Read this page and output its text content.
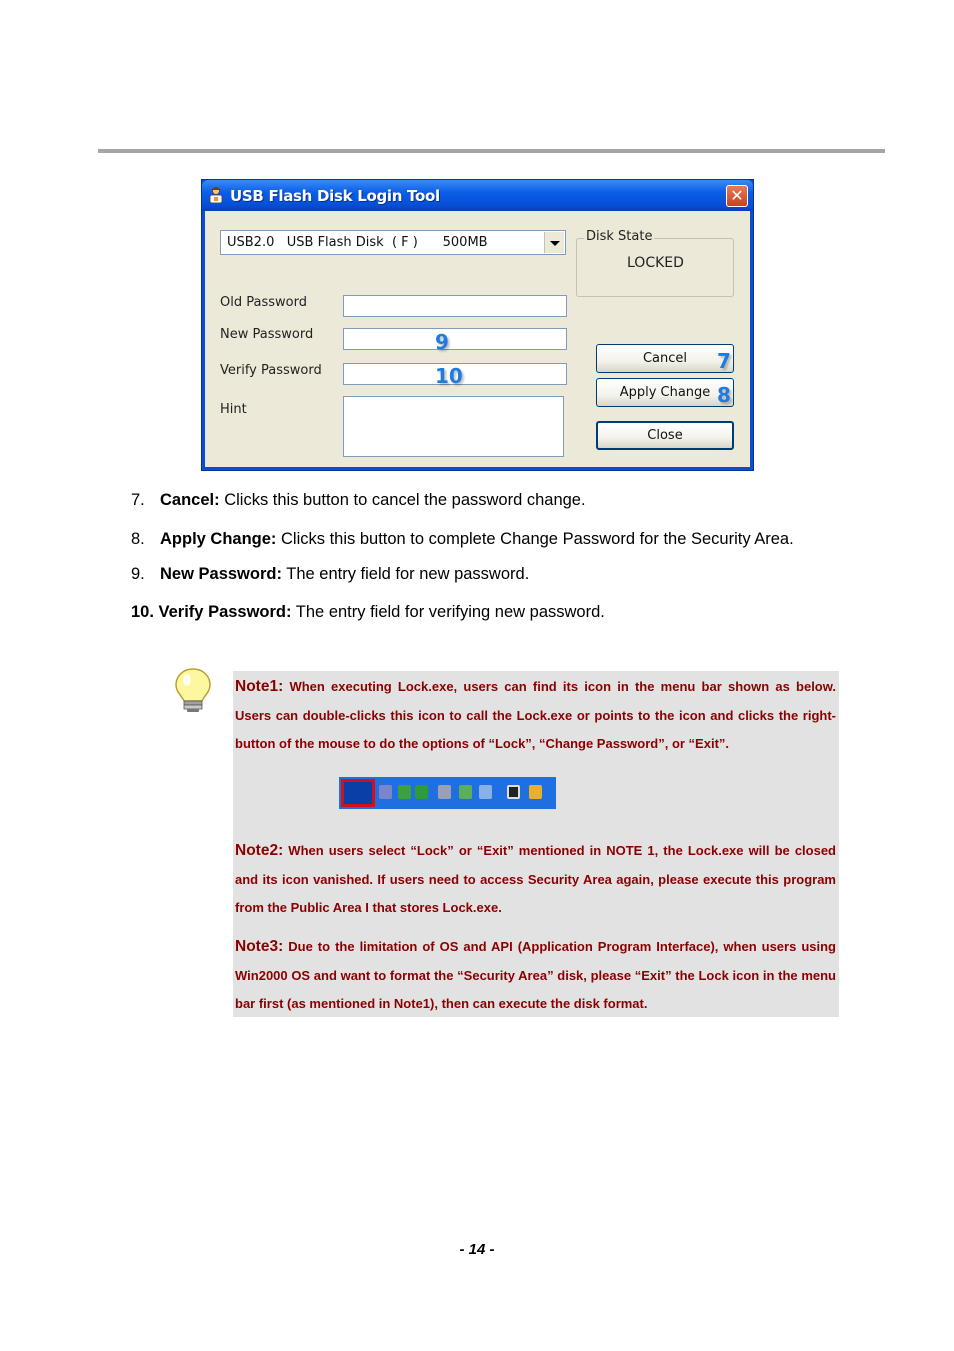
USB Flash Disk Login Tool	✕
USB2.0   USB Flash Disk  ( F )      500MB	Disk State
LOCKED
Old Password
New Password
Verify Password
Hint
Cancel
Apply Change
Close
7
8
9
10
7. Cancel: Clicks this button to cancel the password change.
8. Apply Change: Clicks this button to complete Change Password for the Security Area.
9. New Password: The entry field for new password.
10. Verify Password: The entry field for verifying new password.

Note1: When executing Lock.exe, users can find its icon in the menu bar shown as below. Users can double-clicks this icon to call the Lock.exe or points to the icon and clicks the right-button of the mouse to do the options of “Lock”, “Change Password”, or “Exit”.

Note2: When users select “Lock” or “Exit” mentioned in NOTE 1, the Lock.exe will be closed and its icon vanished. If users need to access Security Area again, please execute this program from the Public Area I that stores Lock.exe.

Note3: Due to the limitation of OS and API (Application Program Interface), when users using Win2000 OS and want to format the “Security Area” disk, please “Exit” the Lock icon in the menu bar first (as mentioned in Note1), then can execute the disk format.

- 14 -
